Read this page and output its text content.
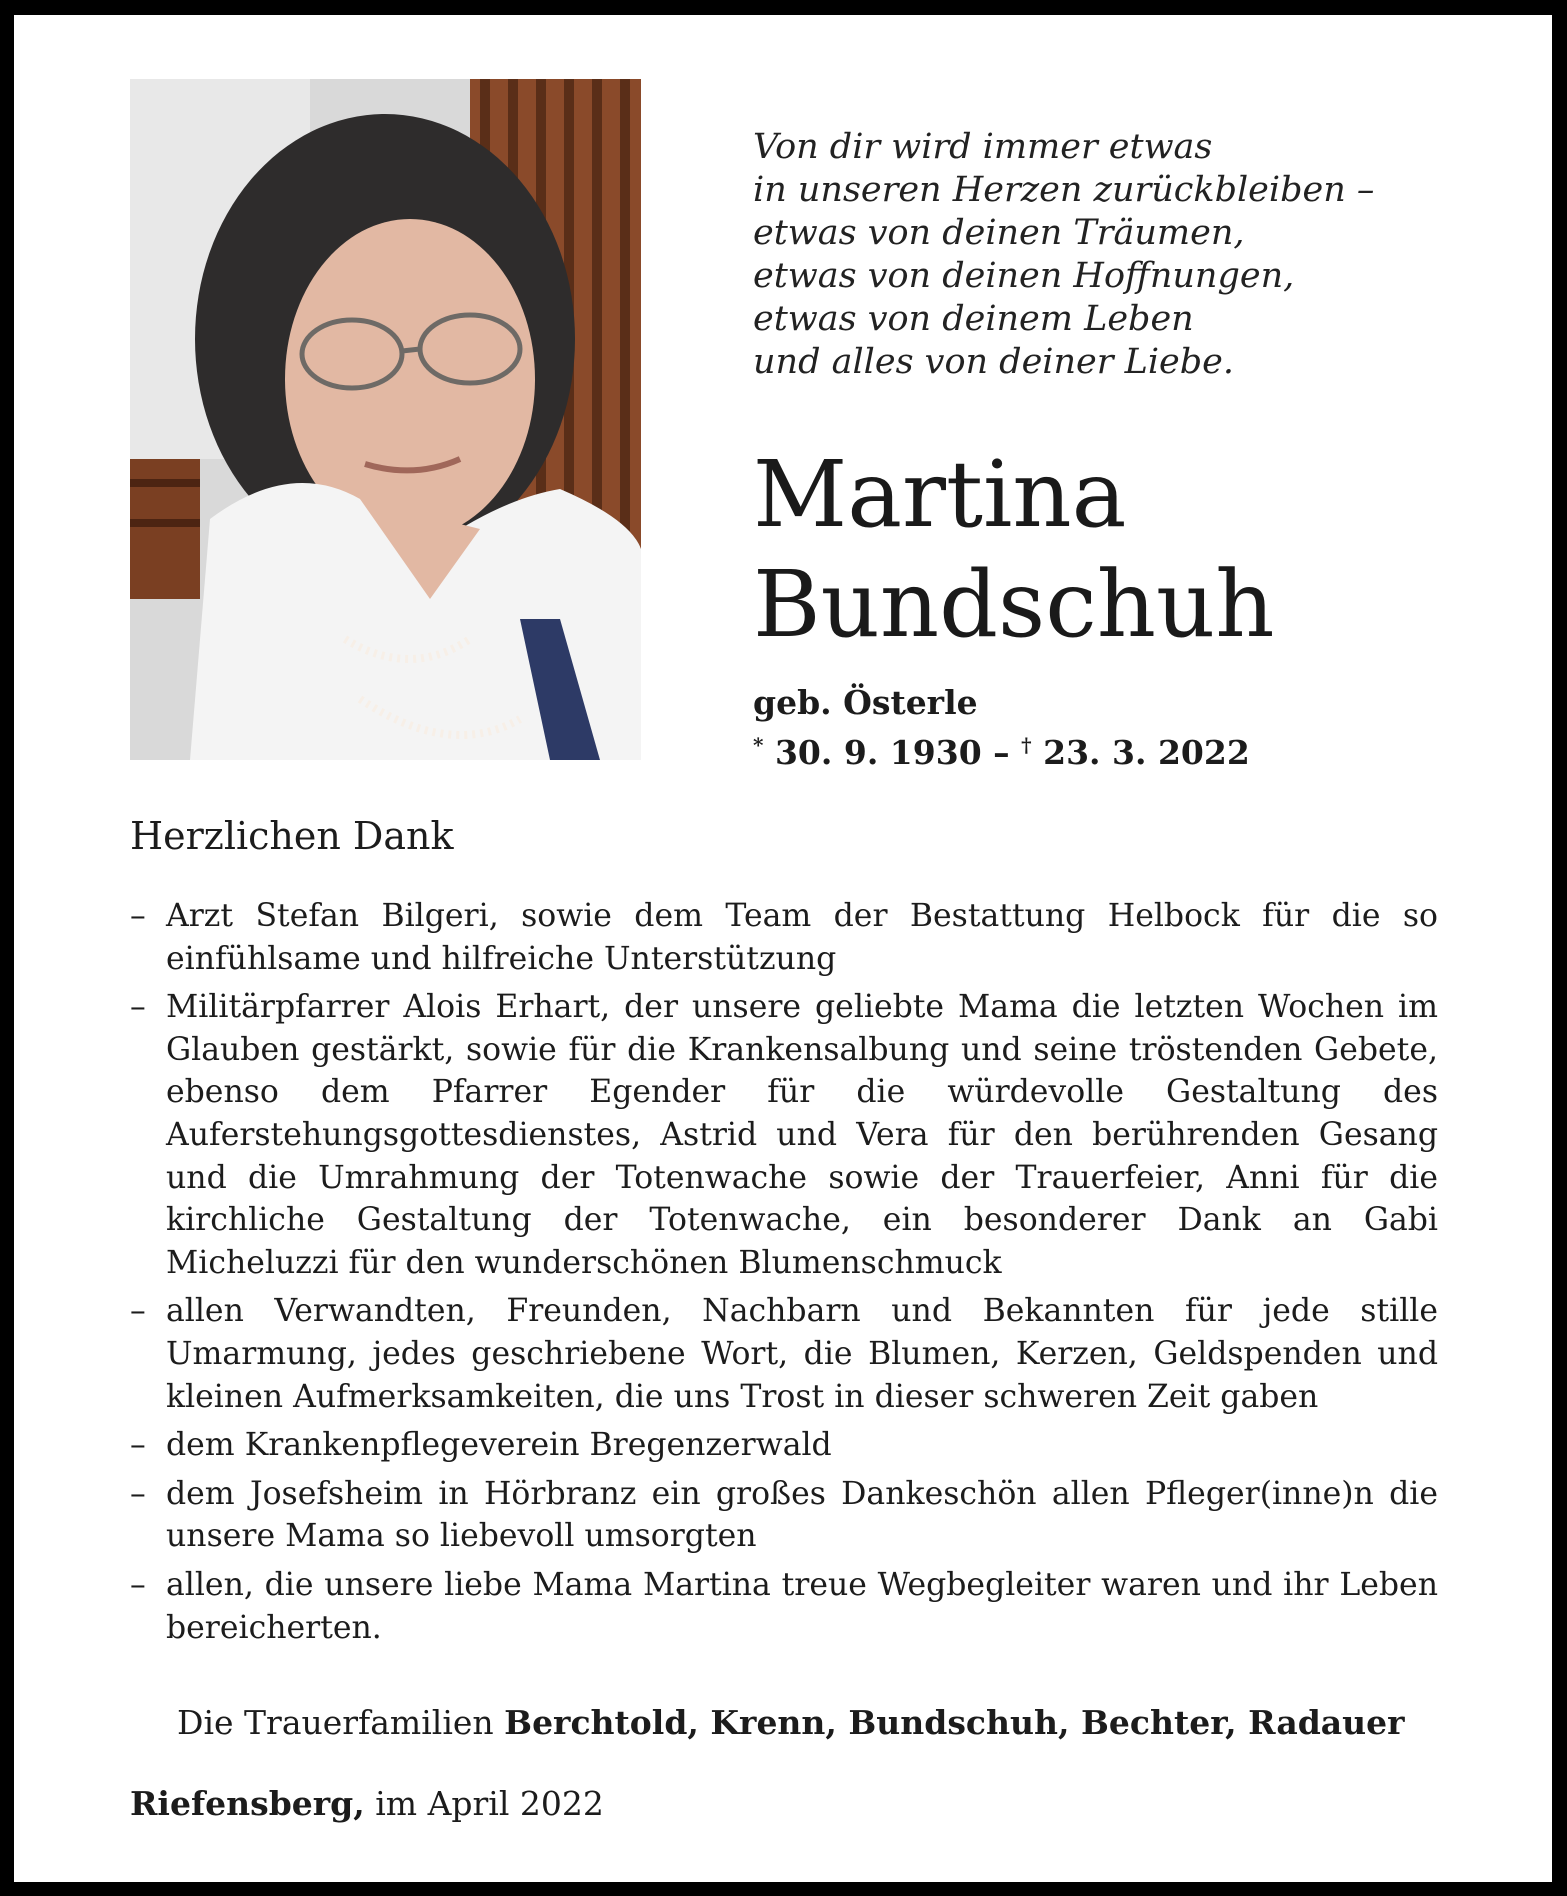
Von dir wird immer etwas
in unseren Herzen zurückbleiben –
etwas von deinen Träumen,
etwas von deinen Hoffnungen,
etwas von deinem Leben
und alles von deiner Liebe.
Martina
Bundschuh
geb. Österle
* 30. 9. 1930 – † 23. 3. 2022
Herzlichen Dank
– Arzt Stefan Bilgeri, sowie dem Team der Bestattung Helbock für die so einfühlsame und hilfreiche Unterstützung
– Militärpfarrer Alois Erhart, der unsere geliebte Mama die letzten Wochen im Glauben gestärkt, sowie für die Krankensalbung und seine tröstenden Gebete, ebenso dem Pfarrer Egender für die würdevolle Gestaltung des Auferstehungsgottesdienstes, Astrid und Vera für den berührenden Gesang und die Umrahmung der Totenwache sowie der Trauerfeier, Anni für die kirchliche Gestaltung der Totenwache, ein besonderer Dank an Gabi Micheluzzi für den wunderschönen Blumenschmuck
– allen Verwandten, Freunden, Nachbarn und Bekannten für jede stille Umarmung, jedes geschriebene Wort, die Blumen, Kerzen, Geldspenden und kleinen Aufmerksamkeiten, die uns Trost in dieser schweren Zeit gaben
– dem Krankenpflegeverein Bregenzerwald
– dem Josefsheim in Hörbranz ein großes Dankeschön allen Pfleger(inne)n die unsere Mama so liebevoll umsorgten
– allen, die unsere liebe Mama Martina treue Wegbegleiter waren und ihr Leben bereicherten.
Die Trauerfamilien Berchtold, Krenn, Bundschuh, Bechter, Radauer
Riefensberg, im April 2022
